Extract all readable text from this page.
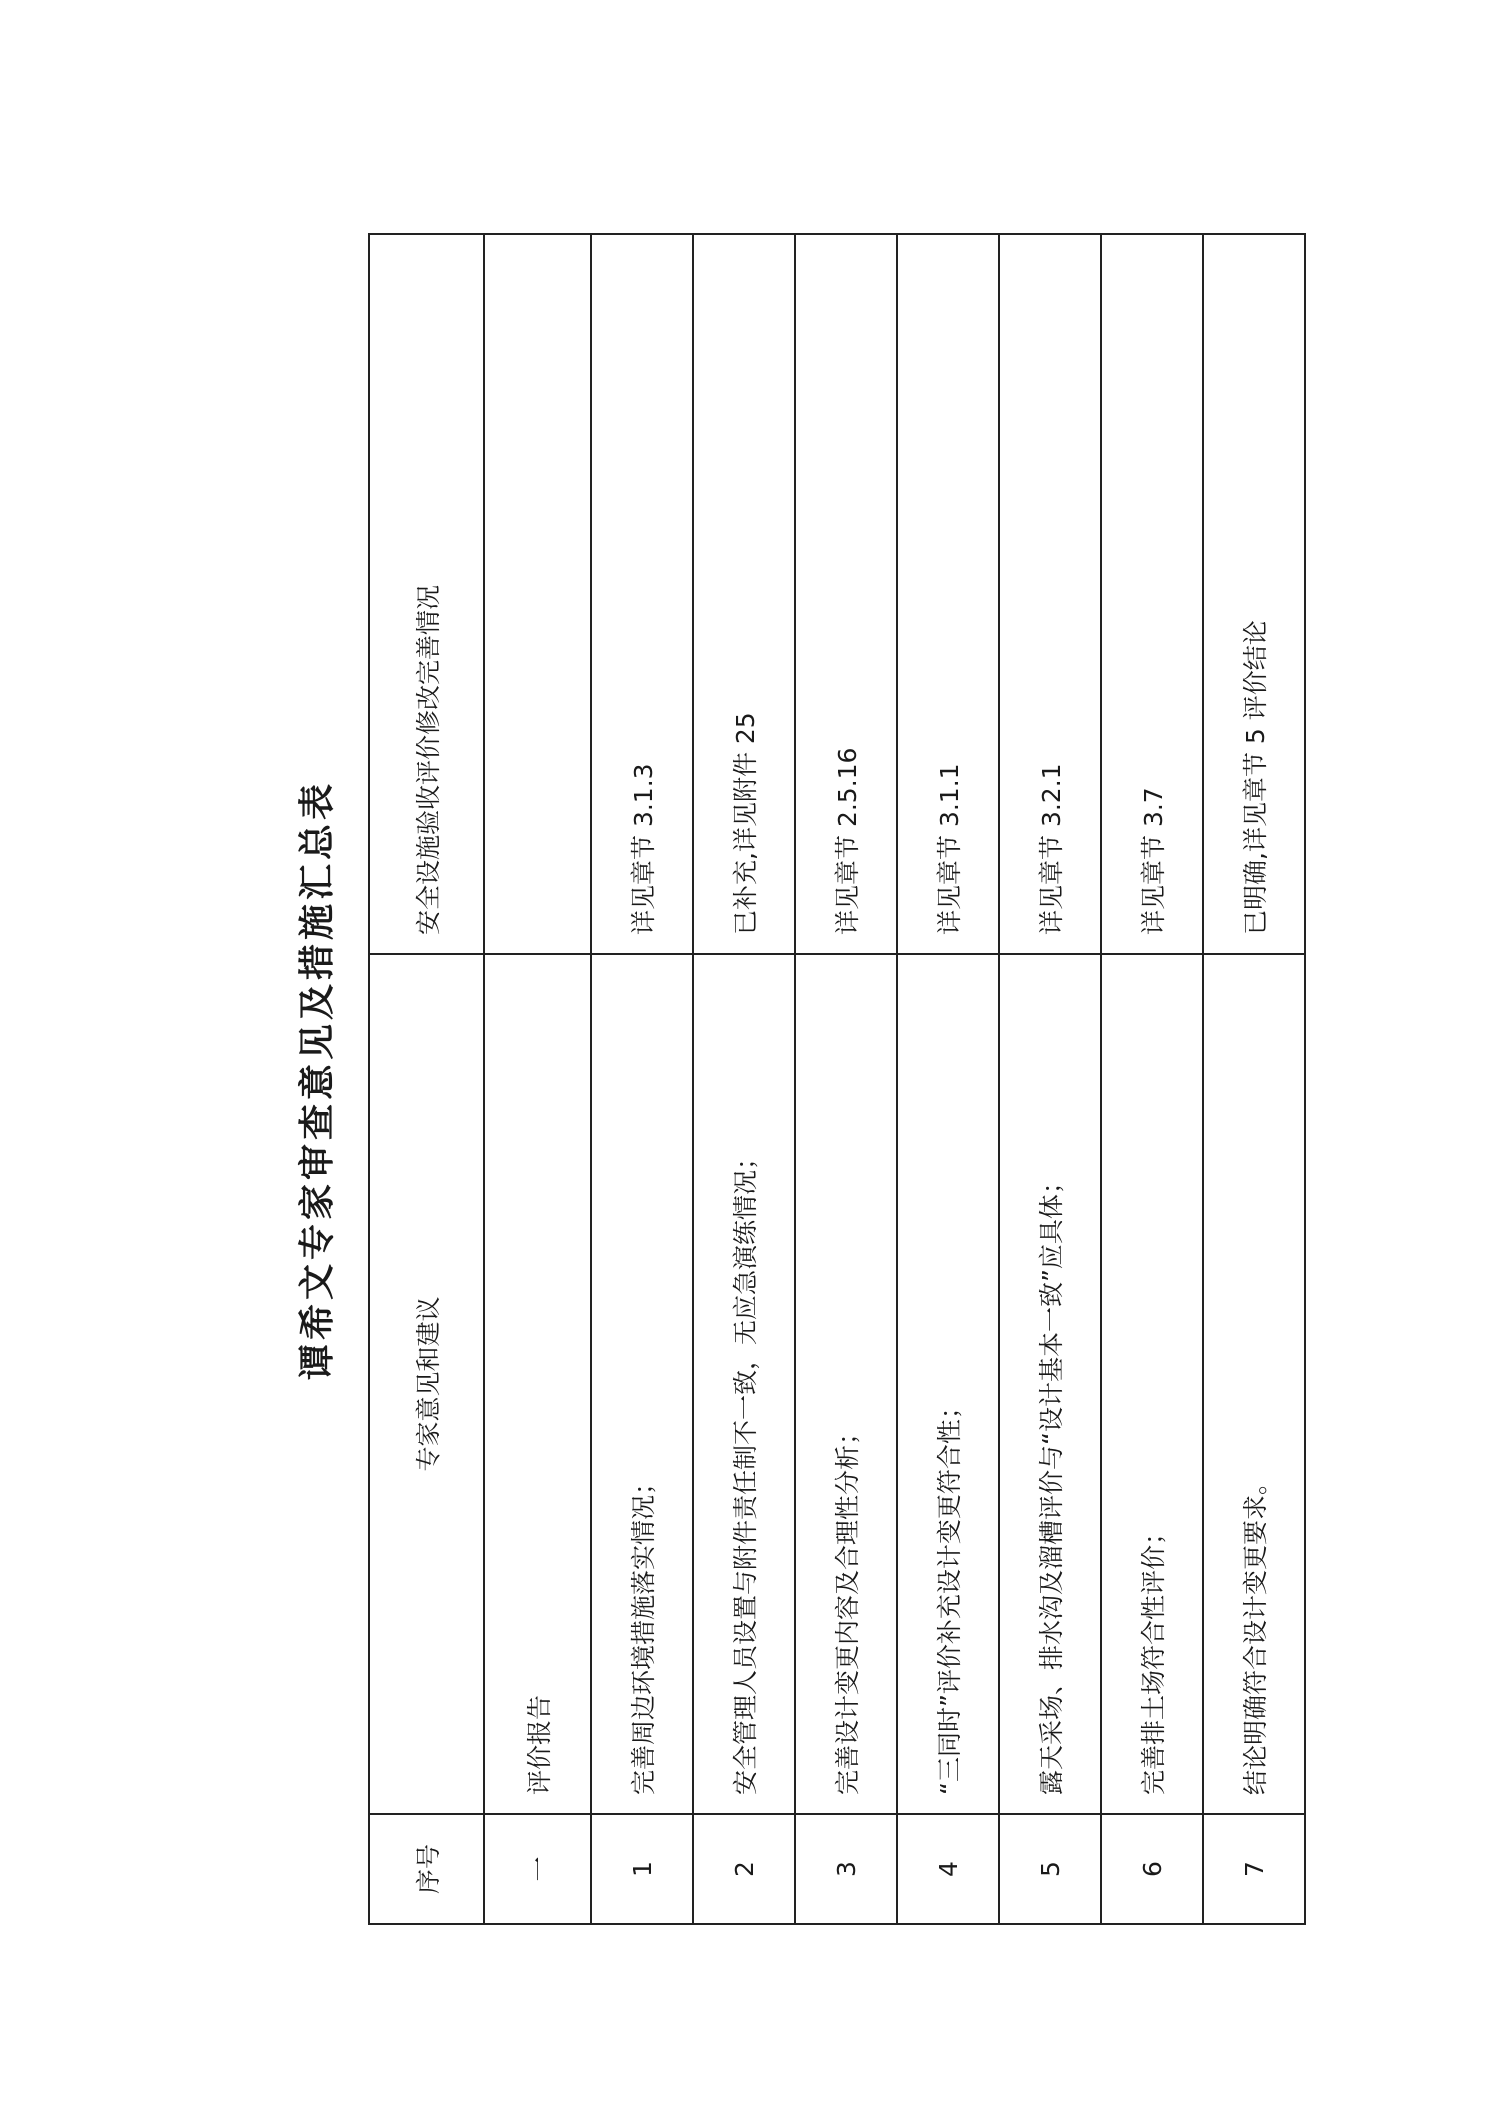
谭希文专家审查意见及措施汇总表
序号	专家意见和建议	安全设施验收评价修改完善情况
一	评价报告	
1	完善周边环境措施落实情况；	详见章节 3.1.3
2	安全管理人员设置与附件责任制不一致，无应急演练情况；	已补充,详见附件 25
3	完善设计变更内容及合理性分析；	详见章节 2.5.16
4	“三同时”评价补充设计变更符合性；	详见章节 3.1.1
5	露天采场、排水沟及溜槽评价与“设计基本一致”应具体；	详见章节 3.2.1
6	完善排土场符合性评价；	详见章节 3.7
7	结论明确符合设计变更要求。	已明确,详见章节 5 评价结论
